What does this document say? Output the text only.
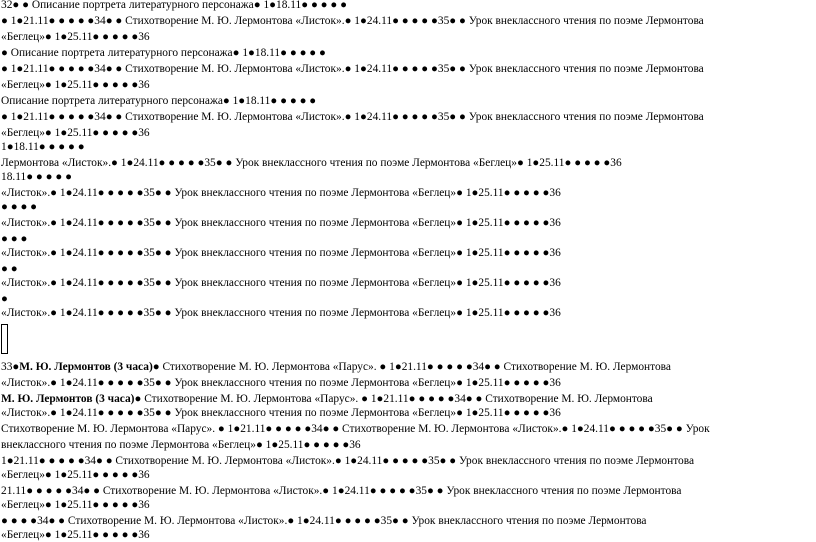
32● ● Описание портрета литературного персонажа● 1●18.11● ● ● ● ●
● 1●21.11● ● ● ● ●34● ● Стихотворение М. Ю. Лермонтова «Листок».● 1●24.11● ● ● ● ●35● ● Урок внеклассного чтения по поэме Лермонтова
«Беглец»● 1●25.11● ● ● ● ●36
● Описание портрета литературного персонажа● 1●18.11● ● ● ● ●
● 1●21.11● ● ● ● ●34● ● Стихотворение М. Ю. Лермонтова «Листок».● 1●24.11● ● ● ● ●35● ● Урок внеклассного чтения по поэме Лермонтова
«Беглец»● 1●25.11● ● ● ● ●36
Описание портрета литературного персонажа● 1●18.11● ● ● ● ●
● 1●21.11● ● ● ● ●34● ● Стихотворение М. Ю. Лермонтова «Листок».● 1●24.11● ● ● ● ●35● ● Урок внеклассного чтения по поэме Лермонтова
«Беглец»● 1●25.11● ● ● ● ●36
1●18.11● ● ● ● ●
Лермонтова «Листок».● 1●24.11● ● ● ● ●35● ● Урок внеклассного чтения по поэме Лермонтова «Беглец»● 1●25.11● ● ● ● ●36
18.11● ● ● ● ●
«Листок».● 1●24.11● ● ● ● ●35● ● Урок внеклассного чтения по поэме Лермонтова «Беглец»● 1●25.11● ● ● ● ●36
● ● ● ●
«Листок».● 1●24.11● ● ● ● ●35● ● Урок внеклассного чтения по поэме Лермонтова «Беглец»● 1●25.11● ● ● ● ●36
● ● ●
«Листок».● 1●24.11● ● ● ● ●35● ● Урок внеклассного чтения по поэме Лермонтова «Беглец»● 1●25.11● ● ● ● ●36
● ●
«Листок».● 1●24.11● ● ● ● ●35● ● Урок внеклассного чтения по поэме Лермонтова «Беглец»● 1●25.11● ● ● ● ●36
●
«Листок».● 1●24.11● ● ● ● ●35● ● Урок внеклассного чтения по поэме Лермонтова «Беглец»● 1●25.11● ● ● ● ●36
33●М. Ю. Лермонтов (3 часа)● Стихотворение М. Ю. Лермонтова «Парус». ● 1●21.11● ● ● ● ●34● ● Стихотворение М. Ю. Лермонтова
«Листок».● 1●24.11● ● ● ● ●35● ● Урок внеклассного чтения по поэме Лермонтова «Беглец»● 1●25.11● ● ● ● ●36
М. Ю. Лермонтов (3 часа)● Стихотворение М. Ю. Лермонтова «Парус». ● 1●21.11● ● ● ● ●34● ● Стихотворение М. Ю. Лермонтова
«Листок».● 1●24.11● ● ● ● ●35● ● Урок внеклассного чтения по поэме Лермонтова «Беглец»● 1●25.11● ● ● ● ●36
Стихотворение М. Ю. Лермонтова «Парус». ● 1●21.11● ● ● ● ●34● ● Стихотворение М. Ю. Лермонтова «Листок».● 1●24.11● ● ● ● ●35● ● Урок
внеклассного чтения по поэме Лермонтова «Беглец»● 1●25.11● ● ● ● ●36
1●21.11● ● ● ● ●34● ● Стихотворение М. Ю. Лермонтова «Листок».● 1●24.11● ● ● ● ●35● ● Урок внеклассного чтения по поэме Лермонтова
«Беглец»● 1●25.11● ● ● ● ●36
21.11● ● ● ● ●34● ● Стихотворение М. Ю. Лермонтова «Листок».● 1●24.11● ● ● ● ●35● ● Урок внеклассного чтения по поэме Лермонтова
«Беглец»● 1●25.11● ● ● ● ●36
● ● ● ●34● ● Стихотворение М. Ю. Лермонтова «Листок».● 1●24.11● ● ● ● ●35● ● Урок внеклассного чтения по поэме Лермонтова
«Беглец»● 1●25.11● ● ● ● ●36
